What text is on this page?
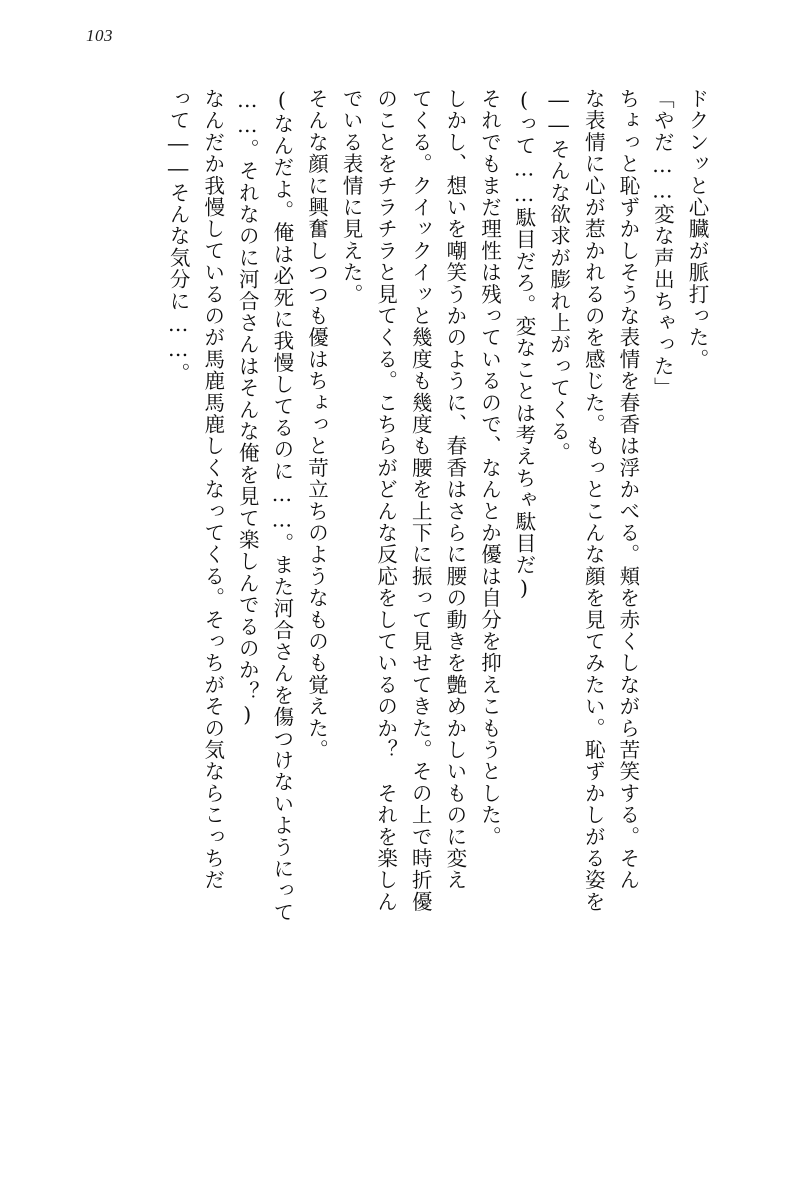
103

ドクンッと心臓が脈打った。

「やだ……変な声出ちゃった」

ちょっと恥ずかしそうな表情を春香は浮かべる。頬を赤くしながら苦笑する。そん

な表情に心が惹かれるのを感じた。もっとこんな顔を見てみたい。恥ずかしがる姿を

――そんな欲求が膨れ上がってくる。

(って……駄目だろ。変なことは考えちゃ駄目だ)

それでもまだ理性は残っているので、なんとか優は自分を抑えこもうとした。

しかし、想いを嘲笑うかのように、春香はさらに腰の動きを艶めかしいものに変え

てくる。クイックイッと幾度も幾度も腰を上下に振って見せてきた。その上で時折優

のことをチラチラと見てくる。こちらがどんな反応をしているのか？　それを楽しん

でいる表情に見えた。

そんな顔に興奮しつつも優はちょっと苛立ちのようなものも覚えた。

(なんだよ。俺は必死に我慢してるのに……。また河合さんを傷つけないようにって

……。それなのに河合さんはそんな俺を見て楽しんでるのか？)

なんだか我慢しているのが馬鹿馬鹿しくなってくる。そっちがその気ならこっちだ

って――そんな気分に……。
